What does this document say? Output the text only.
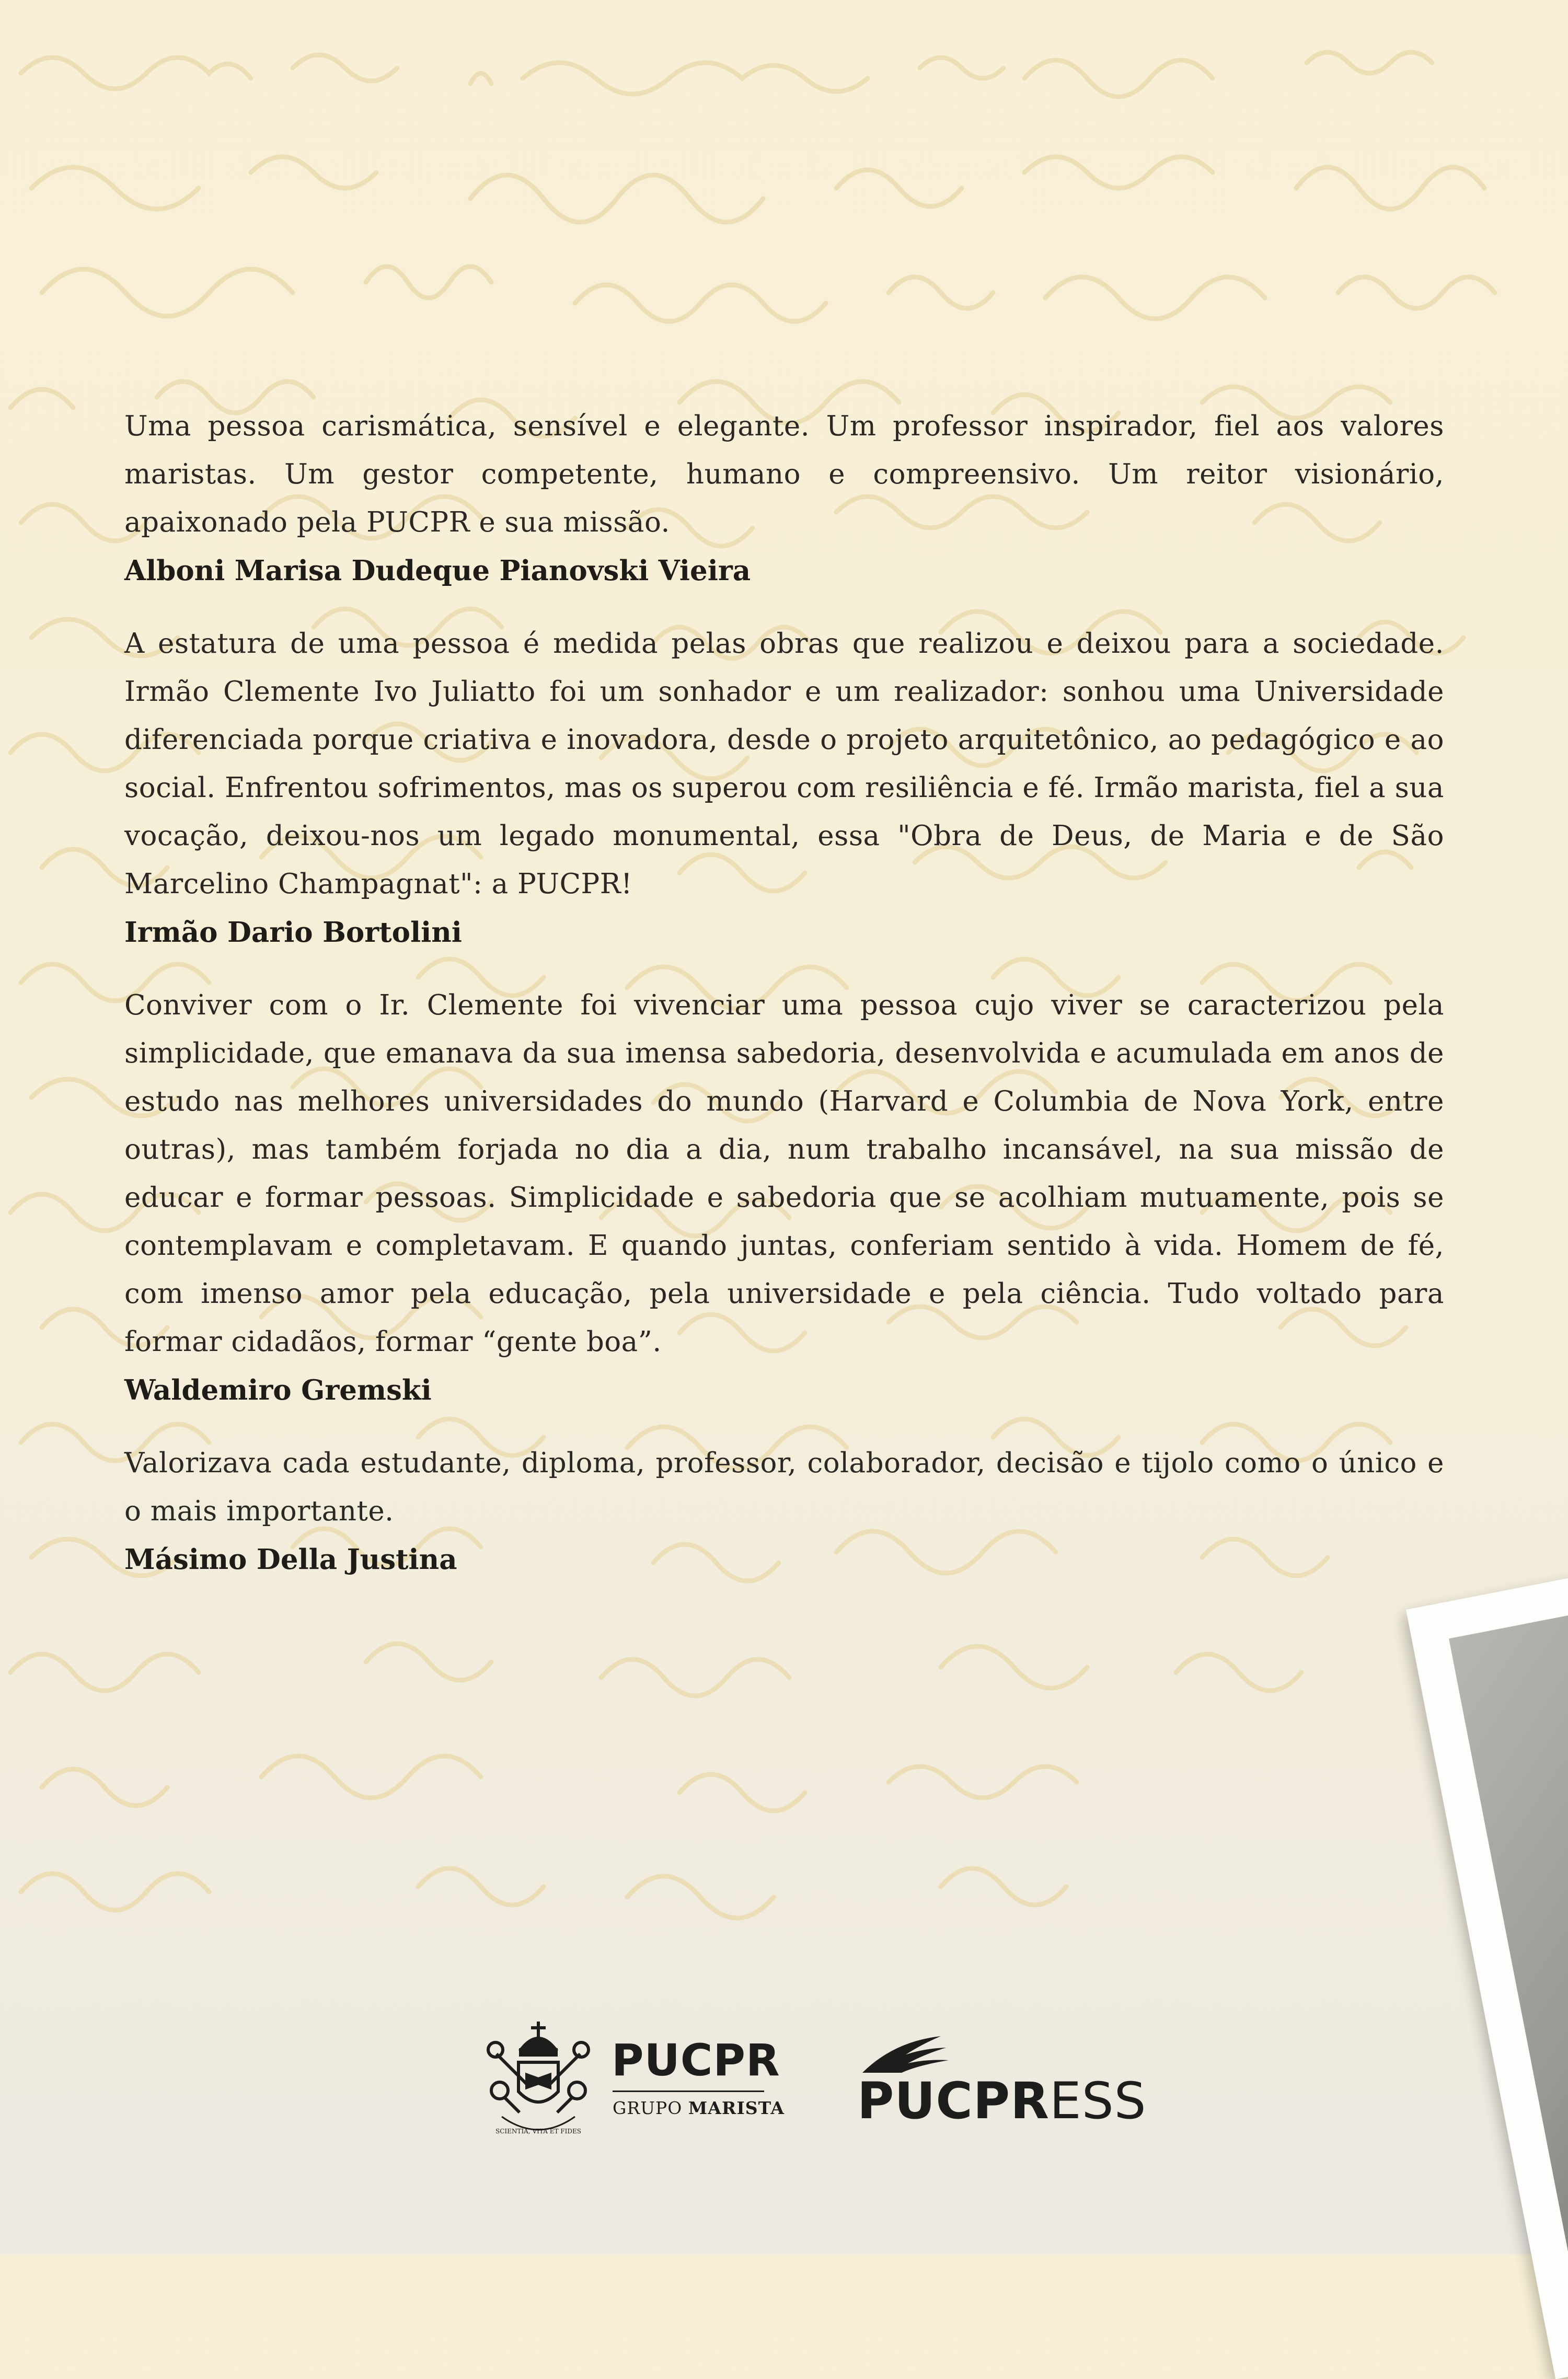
Uma pessoa carismática, sensível e elegante. Um professor inspirador, fiel aos valores maristas. Um gestor competente, humano e compreensivo. Um reitor visionário, apaixonado pela PUCPR e sua missão.

Alboni Marisa Dudeque Pianovski Vieira

A estatura de uma pessoa é medida pelas obras que realizou e deixou para a sociedade. Irmão Clemente Ivo Juliatto foi um sonhador e um realizador: sonhou uma Universidade diferenciada porque criativa e inovadora, desde o projeto arquitetônico, ao pedagógico e ao social. Enfrentou sofrimentos, mas os superou com resiliência e fé. Irmão marista, fiel a sua vocação, deixou-nos um legado monumental, essa "Obra de Deus, de Maria e de São Marcelino Champagnat": a PUCPR!

Irmão Dario Bortolini

Conviver com o Ir. Clemente foi vivenciar uma pessoa cujo viver se caracterizou pela simplicidade, que emanava da sua imensa sabedoria, desenvolvida e acumulada em anos de estudo nas melhores universidades do mundo (Harvard e Columbia de Nova York, entre outras), mas também forjada no dia a dia, num trabalho incansável, na sua missão de educar e formar pessoas. Simplicidade e sabedoria que se acolhiam mutuamente, pois se contemplavam e completavam. E quando juntas, conferiam sentido à vida. Homem de fé, com imenso amor pela educação, pela universidade e pela ciência. Tudo voltado para formar cidadãos, formar “gente boa”.

Waldemiro Gremski

Valorizava cada estudante, diploma, professor, colaborador, decisão e tijolo como o único e o mais importante.

Másimo Della Justina

SCIENTIA, VITA ET FIDES
PUCPR
GRUPO MARISTA PUCPRESS
